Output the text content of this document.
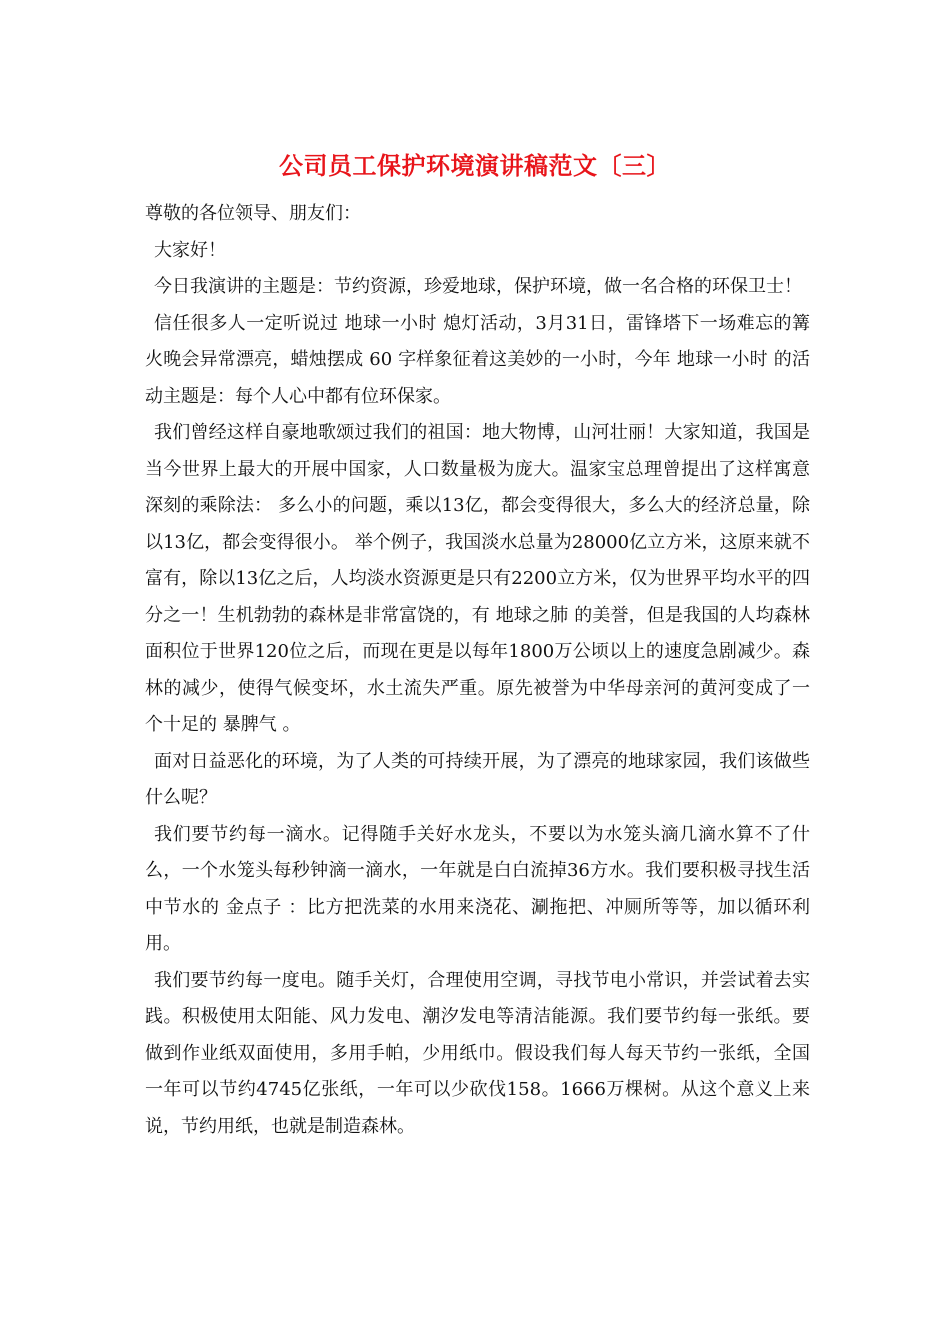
公司员工保护环境演讲稿范文〔三〕

尊敬的各位领导、朋友们：

大家好！

今日我演讲的主题是：节约资源，珍爱地球，保护环境，做一名合格的环保卫士！

信任很多人一定听说过 地球一小时 熄灯活动，3月31日，雷锋塔下一场难忘的篝火晚会异常漂亮，蜡烛摆成 60 字样象征着这美妙的一小时，今年 地球一小时 的活动主题是：每个人心中都有位环保家。

我们曾经这样自豪地歌颂过我们的祖国：地大物博，山河壮丽！大家知道，我国是当今世界上最大的开展中国家，人口数量极为庞大。温家宝总理曾提出了这样寓意深刻的乘除法： 多么小的问题，乘以13亿，都会变得很大，多么大的经济总量，除以13亿，都会变得很小。 举个例子，我国淡水总量为28000亿立方米，这原来就不富有，除以13亿之后，人均淡水资源更是只有2200立方米，仅为世界平均水平的四分之一！生机勃勃的森林是非常富饶的，有 地球之肺 的美誉，但是我国的人均森林面积位于世界120位之后，而现在更是以每年1800万公顷以上的速度急剧减少。森林的减少，使得气候变坏，水土流失严重。原先被誉为中华母亲河的黄河变成了一个十足的 暴脾气 。

面对日益恶化的环境，为了人类的可持续开展，为了漂亮的地球家园，我们该做些什么呢？

我们要节约每一滴水。记得随手关好水龙头，不要以为水笼头滴几滴水算不了什么，一个水笼头每秒钟滴一滴水，一年就是白白流掉36方水。我们要积极寻找生活中节水的 金点子 ：比方把洗菜的水用来浇花、涮拖把、冲厕所等等，加以循环利用。

我们要节约每一度电。随手关灯，合理使用空调，寻找节电小常识，并尝试着去实践。积极使用太阳能、风力发电、潮汐发电等清洁能源。我们要节约每一张纸。要做到作业纸双面使用，多用手帕，少用纸巾。假设我们每人每天节约一张纸，全国一年可以节约4745亿张纸，一年可以少砍伐158。1666万棵树。从这个意义上来说，节约用纸，也就是制造森林。
